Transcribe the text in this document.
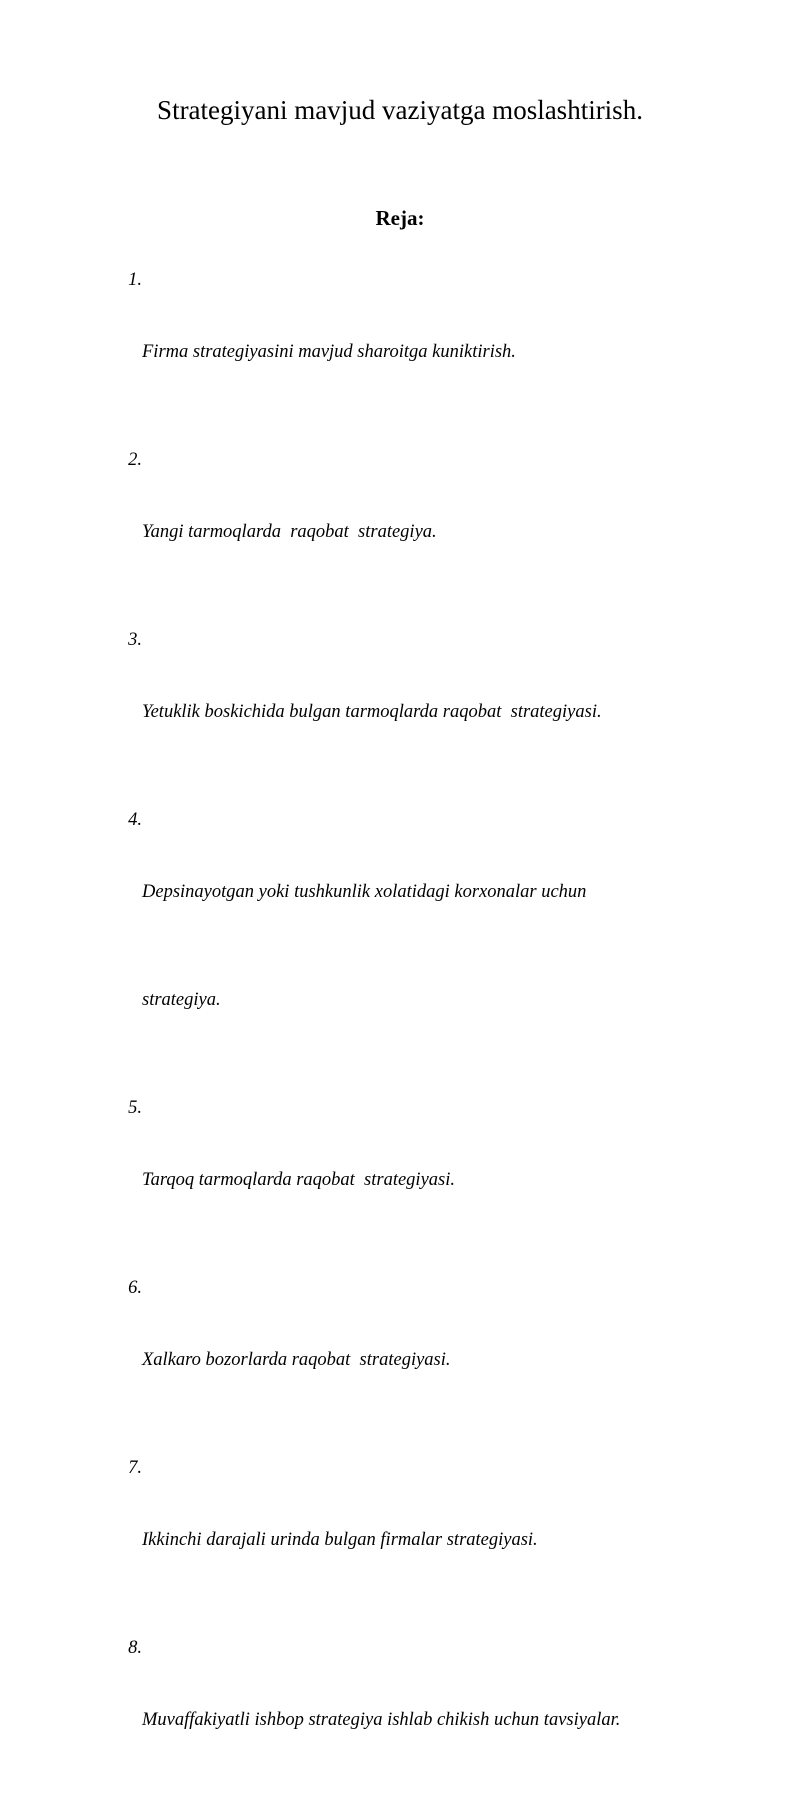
Strategiyani mavjud vaziyatga moslashtirish.
Reja:
1.

Firma strategiyasini mavjud sharoitga kuniktirish.

2.

Yangi tarmoqlarda  raqobat  strategiya.

3.

Yetuklik boskichida bulgan tarmoqlarda raqobat  strategiyasi.

4.

Depsinayotgan yoki tushkunlik xolatidagi korxonalar uchun

strategiya.

5.

Tarqoq tarmoqlarda raqobat  strategiyasi.

6.

Xalkaro bozorlarda raqobat  strategiyasi.

7.

Ikkinchi darajali urinda bulgan firmalar strategiyasi.

8.

Muvaffakiyatli ishbop strategiya ishlab chikish uchun tavsiyalar.
